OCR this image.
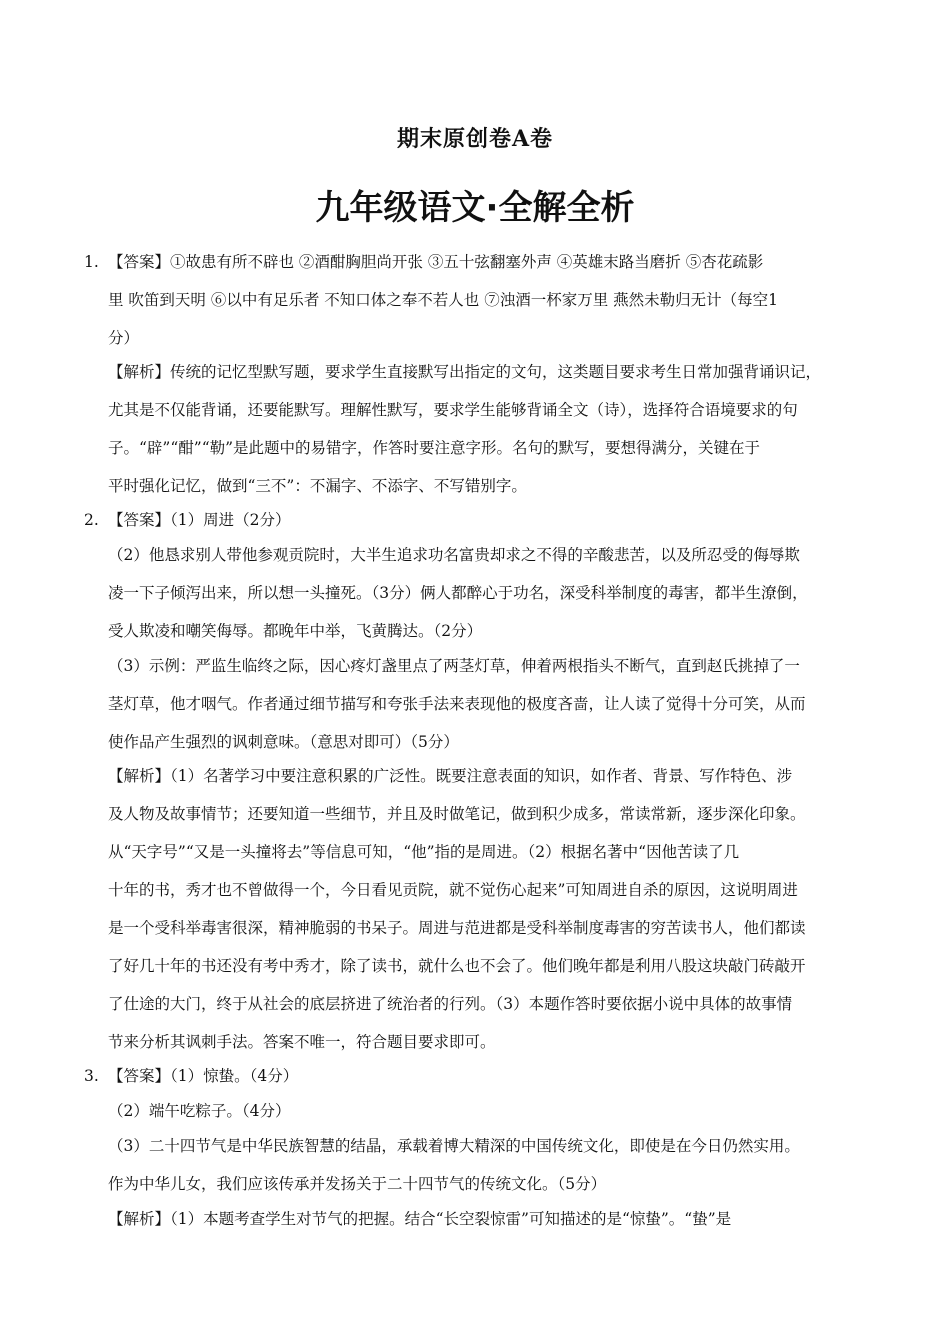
期末原创卷A卷
九年级语文·全解全析
1. 【答案】①故患有所不辟也 ②酒酣胸胆尚开张 ③五十弦翻塞外声 ④英雄末路当磨折 ⑤杏花疏影
里 吹笛到天明 ⑥以中有足乐者 不知口体之奉不若人也 ⑦浊酒一杯家万里 燕然未勒归无计（每空1
分）
【解析】传统的记忆型默写题，要求学生直接默写出指定的文句，这类题目要求考生日常加强背诵识记，
尤其是不仅能背诵，还要能默写。理解性默写，要求学生能够背诵全文（诗），选择符合语境要求的句
子。“辟”“酣”“勒”是此题中的易错字，作答时要注意字形。名句的默写，要想得满分，关键在于
平时强化记忆，做到“三不”：不漏字、不添字、不写错别字。
2. 【答案】（1）周进（2分）
（2）他恳求别人带他参观贡院时，大半生追求功名富贵却求之不得的辛酸悲苦，以及所忍受的侮辱欺
凌一下子倾泻出来，所以想一头撞死。（3分）俩人都醉心于功名，深受科举制度的毒害，都半生潦倒，
受人欺凌和嘲笑侮辱。都晚年中举，飞黄腾达。（2分）
（3）示例：严监生临终之际，因心疼灯盏里点了两茎灯草，伸着两根指头不断气，直到赵氏挑掉了一
茎灯草，他才咽气。作者通过细节描写和夸张手法来表现他的极度吝啬，让人读了觉得十分可笑，从而
使作品产生强烈的讽刺意味。（意思对即可）（5分）
【解析】（1）名著学习中要注意积累的广泛性。既要注意表面的知识，如作者、背景、写作特色、涉
及人物及故事情节；还要知道一些细节，并且及时做笔记，做到积少成多，常读常新，逐步深化印象。
从“天字号”“又是一头撞将去”等信息可知，“他”指的是周进。（2）根据名著中“因他苦读了几
十年的书，秀才也不曾做得一个，今日看见贡院，就不觉伤心起来”可知周进自杀的原因，这说明周进
是一个受科举毒害很深，精神脆弱的书呆子。周进与范进都是受科举制度毒害的穷苦读书人，他们都读
了好几十年的书还没有考中秀才，除了读书，就什么也不会了。他们晚年都是利用八股这块敲门砖敲开
了仕途的大门，终于从社会的底层挤进了统治者的行列。（3）本题作答时要依据小说中具体的故事情
节来分析其讽刺手法。答案不唯一，符合题目要求即可。
3. 【答案】（1）惊蛰。（4分）
（2）端午吃粽子。（4分）
（3）二十四节气是中华民族智慧的结晶，承载着博大精深的中国传统文化，即使是在今日仍然实用。
作为中华儿女，我们应该传承并发扬关于二十四节气的传统文化。（5分）
【解析】（1）本题考查学生对节气的把握。结合“长空裂惊雷”可知描述的是“惊蛰”。“蛰”是
